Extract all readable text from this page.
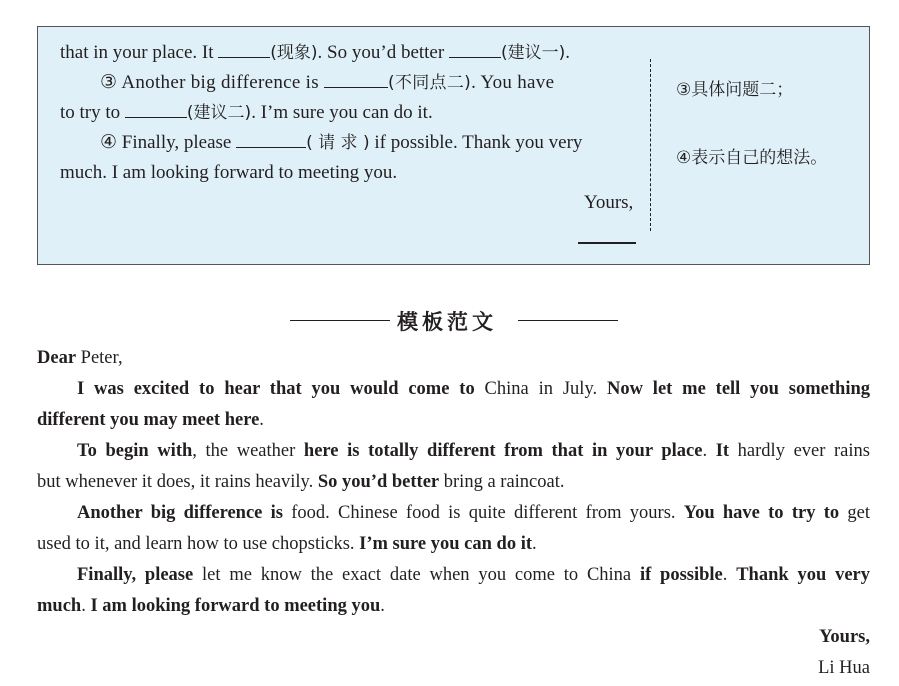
that in your place. It	(现象). So you’d better	(建议一).
③ Another big difference is	(不同点二). You have
to try to	(建议二). I’m sure you can do it.
④ Finally, please	( 请 求 ) if possible. Thank you very
much. I am looking forward to meeting you.
Yours,
③具体问题二；
④表示自己的想法。
模板范文
Dear Peter,
I was excited to hear that you would come to China in July. Now let me tell you something
different you may meet here.
To begin with, the weather here is totally different from that in your place. It hardly ever rains
but whenever it does, it rains heavily. So you’d better bring a raincoat.
Another big difference is food. Chinese food is quite different from yours. You have to try to get
used to it, and learn how to use chopsticks. I’m sure you can do it.
Finally, please let me know the exact date when you come to China if possible. Thank you very
much. I am looking forward to meeting you.
Yours,
Li Hua
